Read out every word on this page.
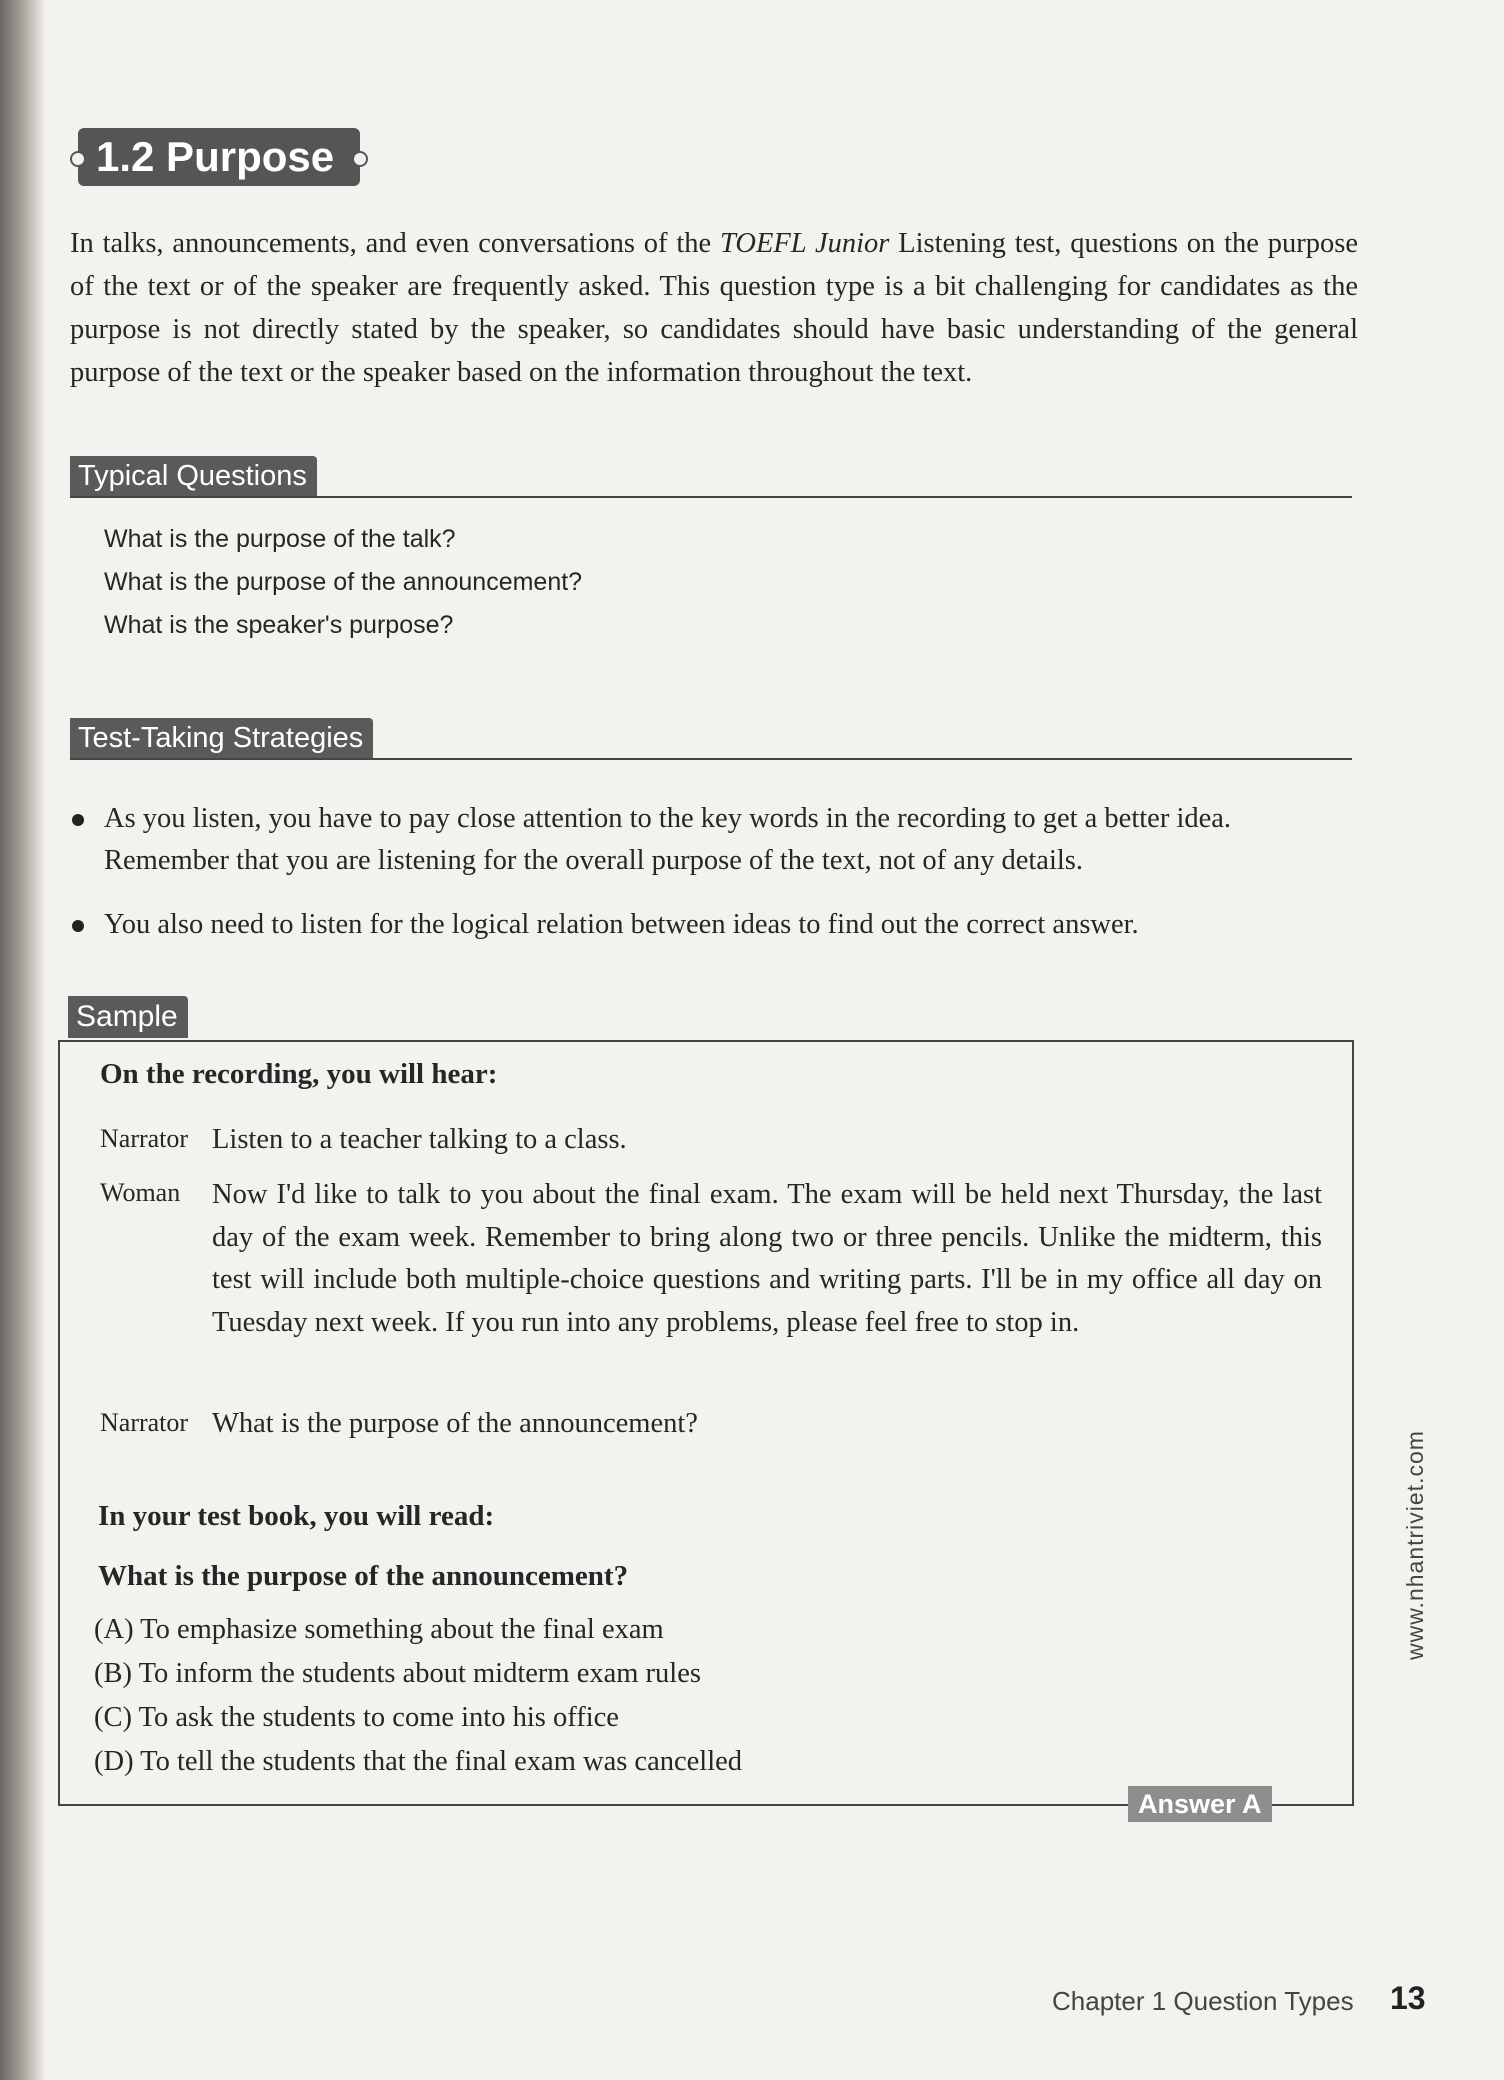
1.2 Purpose

In talks, announcements, and even conversations of the TOEFL Junior Listening test, questions on the purpose of the text or of the speaker are frequently asked. This question type is a bit challenging for candidates as the purpose is not directly stated by the speaker, so candidates should have basic understanding of the general purpose of the text or the speaker based on the information throughout the text.

Typical Questions
What is the purpose of the talk?
What is the purpose of the announcement?
What is the speaker's purpose?
Test-Taking Strategies
As you listen, you have to pay close attention to the key words in the recording to get a better idea. Remember that you are listening for the overall purpose of the text, not of any details.
You also need to listen for the logical relation between ideas to find out the correct answer.
Sample
On the recording, you will hear:
Narrator Listen to a teacher talking to a class.
Woman Now I'd like to talk to you about the final exam. The exam will be held next Thursday, the last day of the exam week. Remember to bring along two or three pencils. Unlike the midterm, this test will include both multiple-choice questions and writing parts. I'll be in my office all day on Tuesday next week. If you run into any problems, please feel free to stop in.
Narrator What is the purpose of the announcement?
In your test book, you will read:
What is the purpose of the announcement?
(A) To emphasize something about the final exam
(B) To inform the students about midterm exam rules
(C) To ask the students to come into his office
(D) To tell the students that the final exam was cancelled
Answer A
www.nhantriviet.com
Chapter 1 Question Types 13
